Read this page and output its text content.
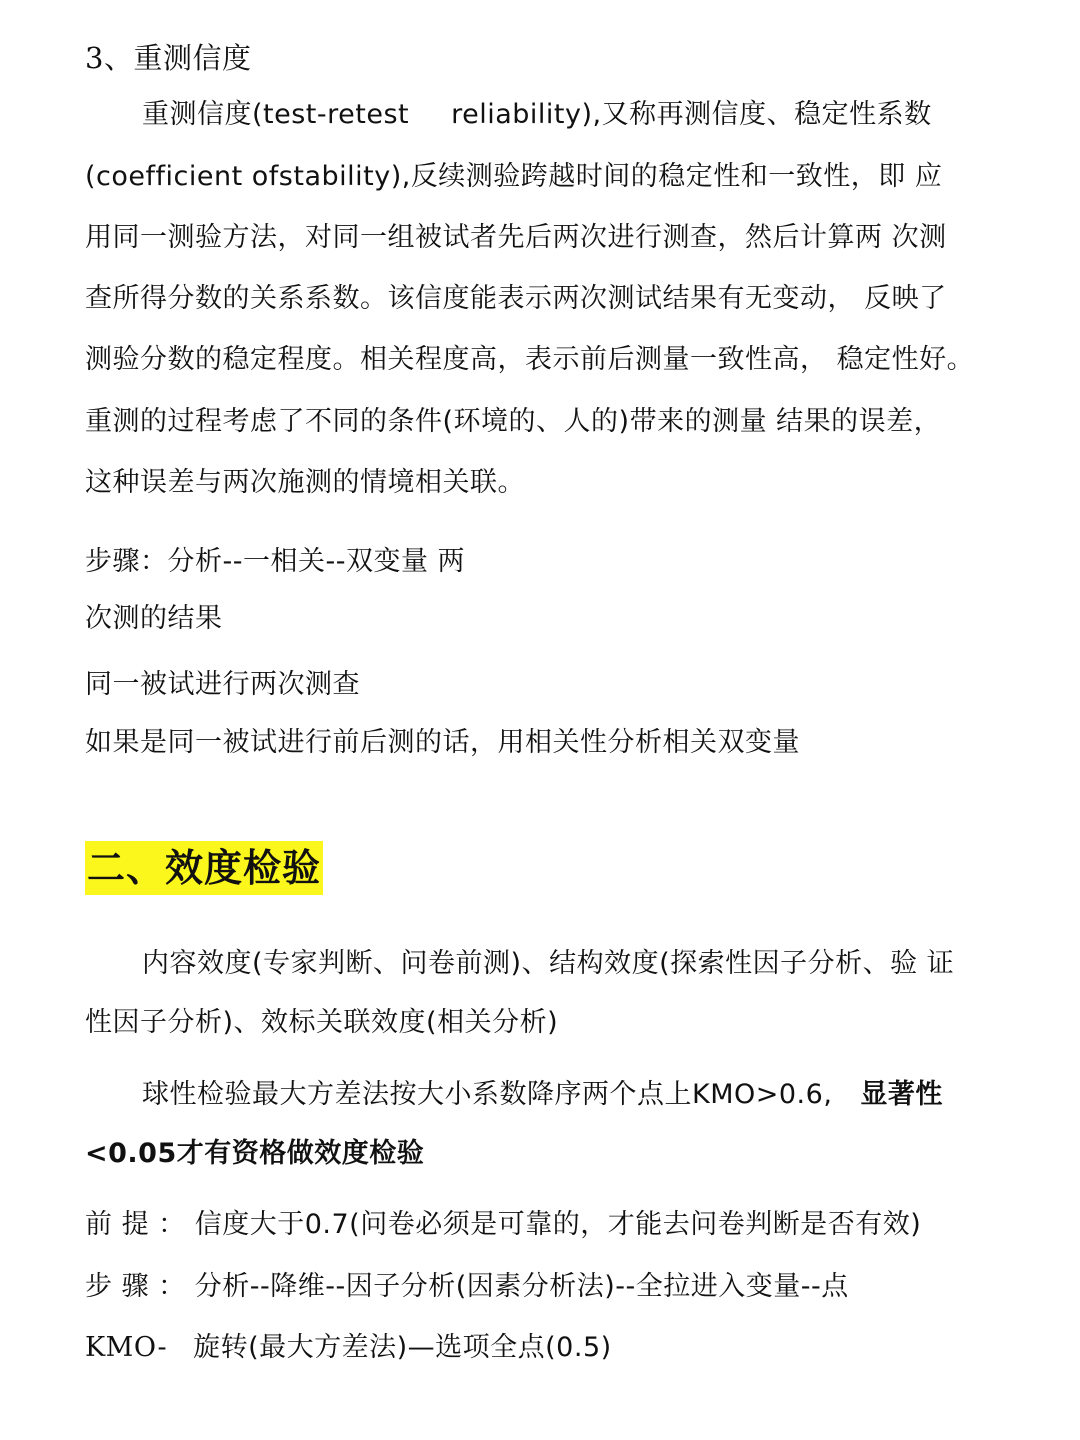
3、重测信度
重测信度(test-retest reliability),又称再测信度、稳定性系数
(coefficient ofstability),反续测验跨越时间的稳定性和一致性，即 应
用同一测验方法，对同一组被试者先后两次进行测查，然后计算两 次测
查所得分数的关系系数。该信度能表示两次测试结果有无变动， 反映了
测验分数的稳定程度。相关程度高，表示前后测量一致性高， 稳定性好。
重测的过程考虑了不同的条件(环境的、人的)带来的测量 结果的误差，
这种误差与两次施测的情境相关联。
步骤：分析--一相关--双变量 两
次测的结果
同一被试进行两次测查
如果是同一被试进行前后测的话，用相关性分析相关双变量
二、效度检验
内容效度(专家判断、问卷前测)、结构效度(探索性因子分析、验 证
性因子分析)、效标关联效度(相关分析)
球性检验最大方差法按大小系数降序两个点上KMO>0.6, 显著性
<0.05才有资格做效度检验
前 提 ： 信度大于0.7(问卷必须是可靠的，才能去问卷判断是否有效)
步 骤 ： 分析--降维--因子分析(因素分析法)--全拉进入变量--点
KMO- 旋转(最大方差法)—选项全点(0.5)
